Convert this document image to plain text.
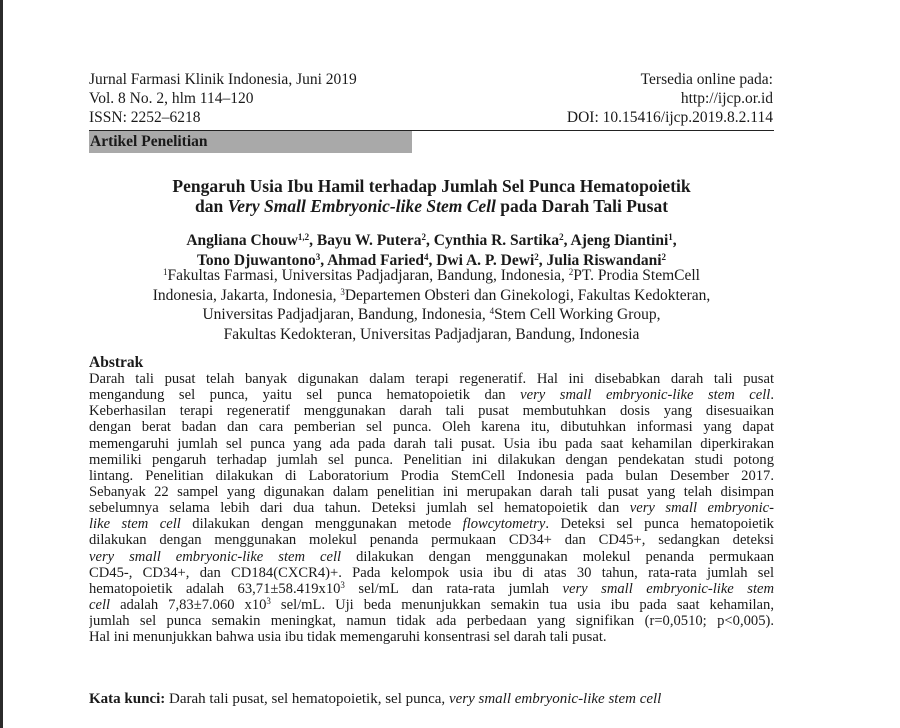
Jurnal Farmasi Klinik Indonesia, Juni 2019
Vol. 8 No. 2, hlm 114–120
ISSN: 2252–6218
Tersedia online pada:
http://ijcp.or.id
DOI: 10.15416/ijcp.2019.8.2.114
Artikel Penelitian
Pengaruh Usia Ibu Hamil terhadap Jumlah Sel Punca Hematopoietik
dan Very Small Embryonic-like Stem Cell pada Darah Tali Pusat
Angliana Chouw$^{1,2}$, Bayu W. Putera$^2$, Cynthia R. Sartika$^2$, Ajeng Diantini$^1$,
Tono Djuwantono$^3$, Ahmad Faried$^4$, Dwi A. P. Dewi$^2$, Julia Riswandani$^2$
$^1$Fakultas Farmasi, Universitas Padjadjaran, Bandung, Indonesia, $^2$PT. Prodia StemCell
Indonesia, Jakarta, Indonesia, $^3$Departemen Obsteri dan Ginekologi, Fakultas Kedokteran,
Universitas Padjadjaran, Bandung, Indonesia, $^4$Stem Cell Working Group,
Fakultas Kedokteran, Universitas Padjadjaran, Bandung, Indonesia
Abstrak
Darah tali pusat telah banyak digunakan dalam terapi regeneratif. Hal ini disebabkan darah tali pusat
mengandung sel punca, yaitu sel punca hematopoietik dan very small embryonic-like stem cell.
Keberhasilan terapi regeneratif menggunakan darah tali pusat membutuhkan dosis yang disesuaikan
dengan berat badan dan cara pemberian sel punca. Oleh karena itu, dibutuhkan informasi yang dapat
memengaruhi jumlah sel punca yang ada pada darah tali pusat. Usia ibu pada saat kehamilan diperkirakan
memiliki pengaruh terhadap jumlah sel punca. Penelitian ini dilakukan dengan pendekatan studi potong
lintang. Penelitian dilakukan di Laboratorium Prodia StemCell Indonesia pada bulan Desember 2017.
Sebanyak 22 sampel yang digunakan dalam penelitian ini merupakan darah tali pusat yang telah disimpan
sebelumnya selama lebih dari dua tahun. Deteksi jumlah sel hematopoietik dan very small embryonic-
like stem cell dilakukan dengan menggunakan metode flowcytometry. Deteksi sel punca hematopoietik
dilakukan dengan menggunakan molekul penanda permukaan CD34+ dan CD45+, sedangkan deteksi
very small embryonic-like stem cell dilakukan dengan menggunakan molekul penanda permukaan
CD45-, CD34+, dan CD184(CXCR4)+. Pada kelompok usia ibu di atas 30 tahun, rata-rata jumlah sel
hematopoietik adalah $63,71\pm 58.419x10^3$ sel/mL dan rata-rata jumlah very small embryonic-like stem
cell adalah 7,83±7.060 $x10^3$ sel/mL. Uji beda menunjukkan semakin tua usia ibu pada saat kehamilan,
jumlah sel punca semakin meningkat, namun tidak ada perbedaan yang signifikan (r=0,0510; p<0,005).
Hal ini menunjukkan bahwa usia ibu tidak memengaruhi konsentrasi sel darah tali pusat.
Kata kunci: Darah tali pusat, sel hematopoietik, sel punca, very small embryonic-like stem cell
